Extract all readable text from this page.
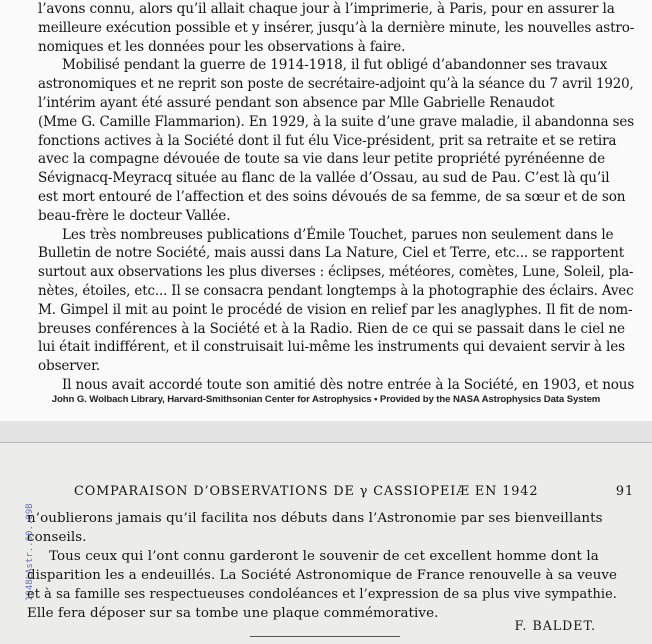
l’avons connu, alors qu’il allait chaque jour à l’imprimerie, à Paris, pour en assurer la
meilleure exécution possible et y insérer, jusqu’à la dernière minute, les nouvelles astro-
nomiques et les données pour les observations à faire.
Mobilisé pendant la guerre de 1914-1918, il fut obligé d’abandonner ses travaux
astronomiques et ne reprit son poste de secrétaire-adjoint qu’à la séance du 7 avril 1920,
l’intérim ayant été assuré pendant son absence par Mlle Gabrielle Renaudot
(Mme G. Camille Flammarion). En 1929, à la suite d’une grave maladie, il abandonna ses
fonctions actives à la Société dont il fut élu Vice-président, prit sa retraite et se retira
avec la compagne dévouée de toute sa vie dans leur petite propriété pyrénéenne de
Sévignacq-Meyracq située au flanc de la vallée d’Ossau, au sud de Pau. C’est là qu’il
est mort entouré de l’affection et des soins dévoués de sa femme, de sa sœur et de son
beau-frère le docteur Vallée.
Les très nombreuses publications d’Émile Touchet, parues non seulement dans le
Bulletin de notre Société, mais aussi dans La Nature, Ciel et Terre, etc... se rapportent
surtout aux observations les plus diverses : éclipses, météores, comètes, Lune, Soleil, pla-
nètes, étoiles, etc... Il se consacra pendant longtemps à la photographie des éclairs. Avec
M. Gimpel il mit au point le procédé de vision en relief par les anaglyphes. Il fit de nom-
breuses conférences à la Société et à la Radio. Rien de ce qui se passait dans le ciel ne
lui était indifférent, et il construisait lui-même les instruments qui devaient servir à les
observer.
Il nous avait accordé toute son amitié dès notre entrée à la Société, en 1903, et nous
John G. Wolbach Library, Harvard-Smithsonian Center for Astrophysics • Provided by the NASA Astrophysics Data System
1948LAstr..60..89B
COMPARAISON D’OBSERVATIONS DE γ CASSIOPEIÆ EN 1942	91
n’oublierons jamais qu’il facilita nos débuts dans l’Astronomie par ses bienveillants
conseils.
Tous ceux qui l’ont connu garderont le souvenir de cet excellent homme dont la
disparition les a endeuillés. La Société Astronomique de France renouvelle à sa veuve
et à sa famille ses respectueuses condoléances et l’expression de sa plus vive sympathie.
Elle fera déposer sur sa tombe une plaque commémorative.
F. BALDET.
